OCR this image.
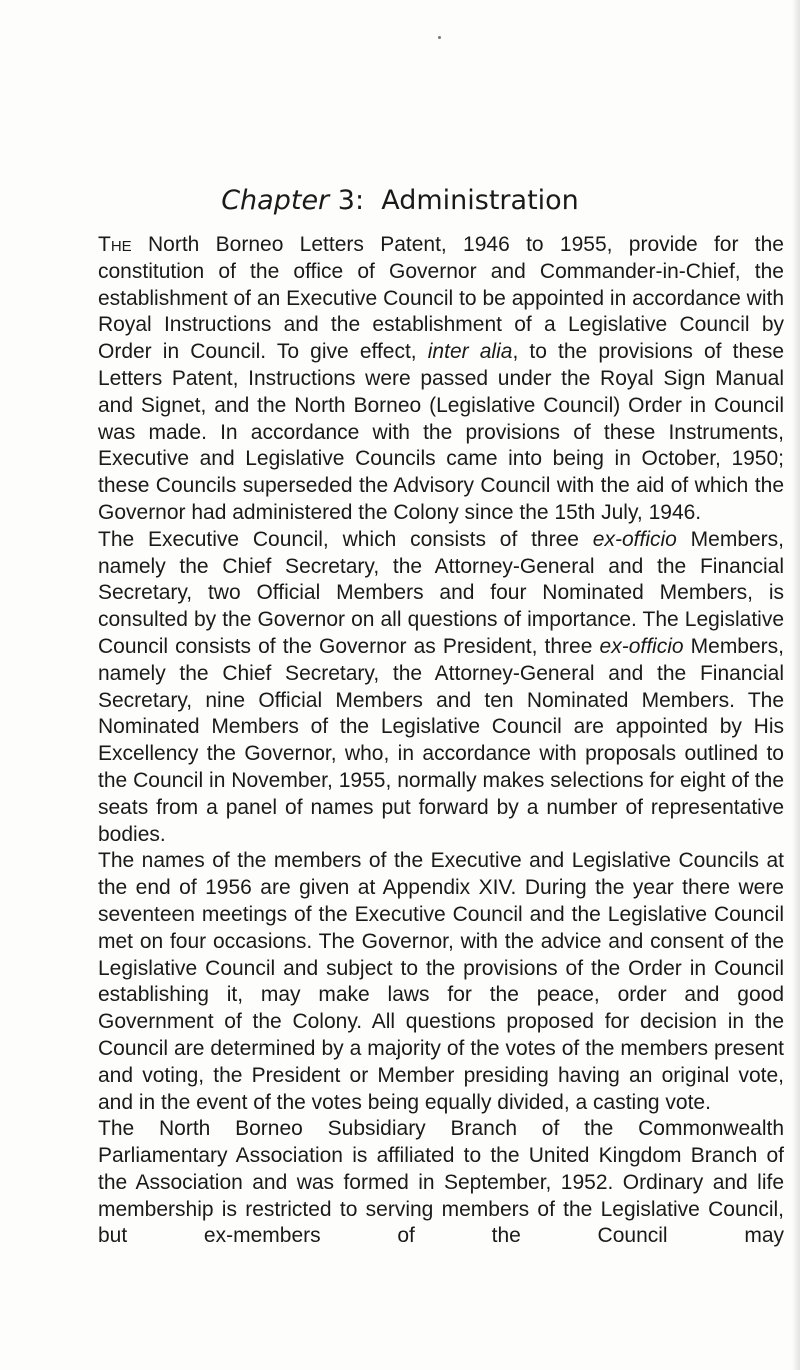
Chapter 3: Administration

The North Borneo Letters Patent, 1946 to 1955, provide for the constitution of the office of Governor and Commander-in-Chief, the establishment of an Executive Council to be appointed in accordance with Royal Instructions and the establishment of a Legislative Council by Order in Council. To give effect, inter alia, to the provisions of these Letters Patent, Instructions were passed under the Royal Sign Manual and Signet, and the North Borneo (Legislative Council) Order in Council was made. In accordance with the provisions of these Instruments, Executive and Legislative Councils came into being in October, 1950; these Councils superseded the Advisory Council with the aid of which the Governor had administered the Colony since the 15th July, 1946.

The Executive Council, which consists of three ex-officio Members, namely the Chief Secretary, the Attorney-General and the Financial Secretary, two Official Members and four Nominated Members, is consulted by the Governor on all questions of importance. The Legislative Council consists of the Governor as President, three ex-officio Members, namely the Chief Secretary, the Attorney-General and the Financial Secretary, nine Official Members and ten Nominated Members. The Nominated Members of the Legislative Council are appointed by His Excellency the Governor, who, in accordance with proposals outlined to the Council in November, 1955, normally makes selections for eight of the seats from a panel of names put forward by a number of representative bodies.

The names of the members of the Executive and Legislative Councils at the end of 1956 are given at Appendix XIV. During the year there were seventeen meetings of the Executive Council and the Legislative Council met on four occasions. The Governor, with the advice and consent of the Legislative Council and subject to the provisions of the Order in Council establishing it, may make laws for the peace, order and good Government of the Colony. All questions proposed for decision in the Council are determined by a majority of the votes of the members present and voting, the President or Member presiding having an original vote, and in the event of the votes being equally divided, a casting vote.

The North Borneo Subsidiary Branch of the Commonwealth Parliamentary Association is affiliated to the United Kingdom Branch of the Association and was formed in September, 1952. Ordinary and life membership is restricted to serving members of the Legislative Council, but ex-members of the Council may
